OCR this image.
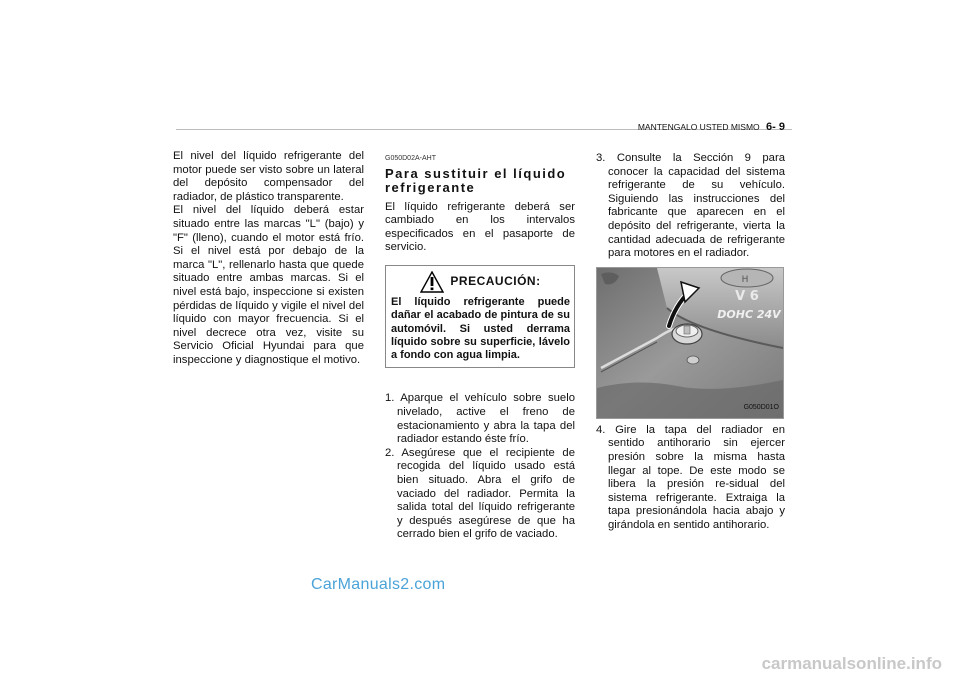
MANTENGALO USTED MISMO 6- 9

El nivel del líquido refrigerante del motor puede ser visto sobre un lateral del depósito compensador del radiador, de plástico transparente.

El nivel del líquido deberá estar situado entre las marcas "L" (bajo) y "F" (lleno), cuando el motor está frío. Si el nivel está por debajo de la marca "L", rellenarlo hasta que quede situado entre ambas marcas. Si el nivel está bajo, inspeccione si existen pérdidas de líquido y vigile el nivel del líquido con mayor frecuencia. Si el nivel decrece otra vez, visite su Servicio Oficial Hyundai para que inspeccione y diagnostique el motivo.

G050D02A-AHT
Para sustituir el líquido refrigerante

El líquido refrigerante deberá ser cambiado en los intervalos especificados en el pasaporte de servicio.

PRECAUCIÓN:
El líquido refrigerante puede dañar el acabado de pintura de su automóvil. Si usted derrama líquido sobre su superficie, lávelo a fondo con agua limpia.
1. Aparque el vehículo sobre suelo nivelado, active el freno de estacionamiento y abra la tapa del radiador estando éste frío.
2. Asegúrese que el recipiente de recogida del líquido usado está bien situado. Abra el grifo de vaciado del radiador. Permita la salida total del líquido refrigerante y después asegúrese de que ha cerrado bien el grifo de vaciado.
3. Consulte la Sección 9 para conocer la capacidad del sistema refrigerante de su vehículo. Siguiendo las instrucciones del fabricante que aparecen en el depósito del refrigerante, vierta la cantidad adecuada de refrigerante para motores en el radiador.
H
V 6
DOHC 24V
G050D01O
4. Gire la tapa del radiador en sentido antihorario sin ejercer presión sobre la misma hasta llegar al tope. De este modo se libera la presión re-sidual del sistema refrigerante. Extraiga la tapa presionándola hacia abajo y girándola en sentido antihorario.
CarManuals2.com
carmanualsonline.info
